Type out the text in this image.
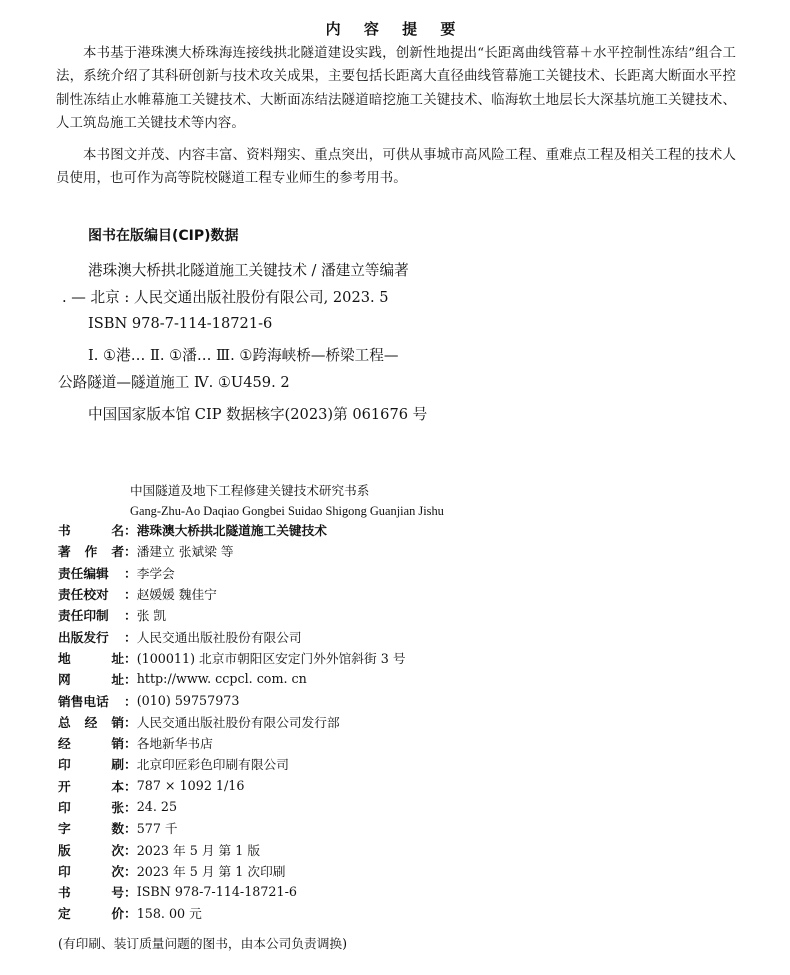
内 容 提 要
本书基于港珠澳大桥珠海连接线拱北隧道建设实践，创新性地提出“长距离曲线管幕＋水平控制性冻结”组合工法，系统介绍了其科研创新与技术攻关成果，主要包括长距离大直径曲线管幕施工关键技术、长距离大断面水平控制性冻结止水帷幕施工关键技术、大断面冻结法隧道暗挖施工关键技术、临海软土地层长大深基坑施工关键技术、人工筑岛施工关键技术等内容。
本书图文并茂、内容丰富、资料翔实、重点突出，可供从事城市高风险工程、重难点工程及相关工程的技术人员使用，也可作为高等院校隧道工程专业师生的参考用书。
图书在版编目(CIP)数据
港珠澳大桥拱北隧道施工关键技术 / 潘建立等编著
. — 北京 : 人民交通出版社股份有限公司, 2023. 5
ISBN 978-7-114-18721-6
Ⅰ. ①港… Ⅱ. ①潘… Ⅲ. ①跨海峡桥—桥梁工程—
公路隧道—隧道施工 Ⅳ. ①U459. 2
中国国家版本馆 CIP 数据核字(2023)第 061676 号
中国隧道及地下工程修建关键技术研究书系
Gang-Zhu-Ao Daqiao Gongbei Suidao Shigong Guanjian Jishu
书	名 ： 港珠澳大桥拱北隧道施工关键技术
著 作 者 ： 潘建立 张斌梁 等
责任编辑 ： 李学会
责任校对 ： 赵媛媛 魏佳宁
责任印制 ： 张 凯
出版发行 ： 人民交通出版社股份有限公司
地	址 ： (100011) 北京市朝阳区安定门外外馆斜街 3 号
网	址 ： http://www. ccpcl. com. cn
销售电话 ： (010) 59757973
总 经 销 ： 人民交通出版社股份有限公司发行部
经	销 ： 各地新华书店
印	刷 ： 北京印匠彩色印刷有限公司
开	本 ： 787 × 1092 1/16
印	张 ： 24. 25
字	数 ： 577 千
版	次 ： 2023 年 5 月 第 1 版
印	次 ： 2023 年 5 月 第 1 次印刷
书	号 ： ISBN 978-7-114-18721-6
定	价 ： 158. 00 元
(有印刷、装订质量问题的图书，由本公司负责调换)
